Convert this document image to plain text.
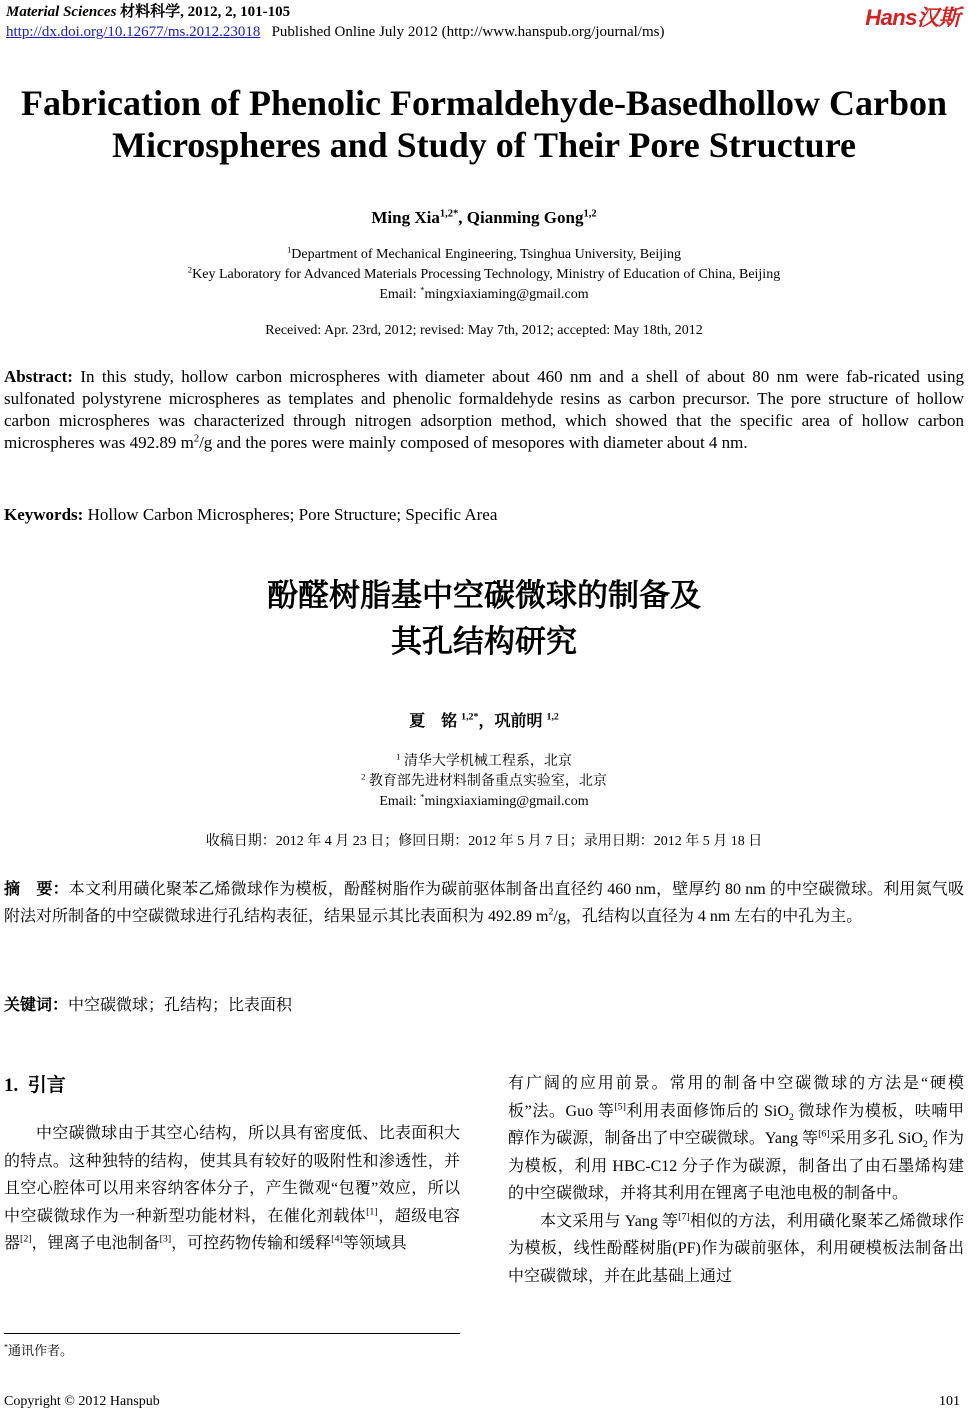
Material Sciences 材料科学, 2012, 2, 101-105
http://dx.doi.org/10.12677/ms.2012.23018 Published Online July 2012 (http://www.hanspub.org/journal/ms)
Hans汉斯
Fabrication of Phenolic Formaldehyde-Basedhollow Carbon Microspheres and Study of Their Pore Structure
Ming Xia$^{1,2*}$, Qianming Gong$^{1,2}$
$^1$Department of Mechanical Engineering, Tsinghua University, Beijing
$^2$Key Laboratory for Advanced Materials Processing Technology, Ministry of Education of China, Beijing
Email: *mingxiaxiaming@gmail.com
Received: Apr. 23rd, 2012; revised: May 7th, 2012; accepted: May 18th, 2012
Abstract: In this study, hollow carbon microspheres with diameter about 460 nm and a shell of about 80 nm were fab-ricated using sulfonated polystyrene microspheres as templates and phenolic formaldehyde resins as carbon precursor. The pore structure of hollow carbon microspheres was characterized through nitrogen adsorption method, which showed that the specific area of hollow carbon microspheres was 492.89 $m^2/g$ and the pores were mainly composed of mesopores with diameter about 4 nm.
Keywords: Hollow Carbon Microspheres; Pore Structure; Specific Area
酚醛树脂基中空碳微球的制备及
其孔结构研究
夏　铭 $^{1,2*}$，巩前明 $^{1,2}$
$^1$ 清华大学机械工程系，北京
$^2$ 教育部先进材料制备重点实验室，北京
Email: *mingxiaxiaming@gmail.com
收稿日期：2012 年 4 月 23 日；修回日期：2012 年 5 月 7 日；录用日期：2012 年 5 月 18 日
摘　要：本文利用磺化聚苯乙烯微球作为模板，酚醛树脂作为碳前驱体制备出直径约 460 nm，壁厚约 80 nm 的中空碳微球。利用氮气吸附法对所制备的中空碳微球进行孔结构表征，结果显示其比表面积为 492.89 $m^2/g$，孔结构以直径为 4 nm 左右的中孔为主。
关键词：中空碳微球；孔结构；比表面积
1. 引言

中空碳微球由于其空心结构，所以具有密度低、比表面积大的特点。这种独特的结构，使其具有较好的吸附性和渗透性，并且空心腔体可以用来容纳客体分子，产生微观“包覆”效应，所以中空碳微球作为一种新型功能材料，在催化剂载体[1]，超级电容器[2]，锂离子电池制备[3]，可控药物传输和缓释[4]等领域具

有广阔的应用前景。常用的制备中空碳微球的方法是“硬模板”法。Guo 等[5]利用表面修饰后的 SiO$_2$ 微球作为模板，呋喃甲醇作为碳源，制备出了中空碳微球。Yang 等[6]采用多孔 SiO$_2$ 作为为模板，利用 HBC-C12 分子作为碳源，制备出了由石墨烯构建的中空碳微球，并将其利用在锂离子电池电极的制备中。

本文采用与 Yang 等[7]相似的方法，利用磺化聚苯乙烯微球作为模板，线性酚醛树脂(PF)作为碳前驱体，利用硬模板法制备出中空碳微球，并在此基础上通过

*通讯作者。
Copyright © 2012 Hanspub	101
